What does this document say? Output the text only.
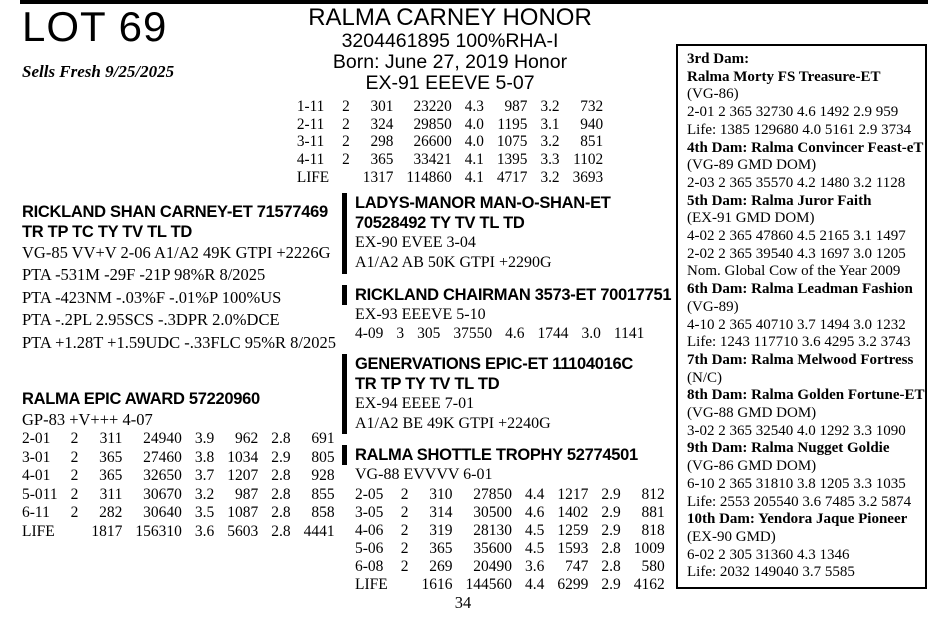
LOT 69
Sells Fresh 9/25/2025
RALMA CARNEY HONOR
3204461895 100%RHA-I
Born: June 27, 2019 Honor
EX-91 EEEVE 5-07
1-11	2	301	23220	4.3	987	3.2	732
2-11	2	324	29850	4.0	1195	3.1	940
3-11	2	298	26600	4.0	1075	3.2	851
4-11	2	365	33421	4.1	1395	3.3	1102
LIFE		1317	114860	4.1	4717	3.2	3693
RICKLAND SHAN CARNEY-ET 71577469
TR TP TC TY TV TL TD
VG-85 VV+V 2-06 A1/A2 49K GTPI +2226G
PTA -531M -29F -21P 98%R 8/2025
PTA -423NM -.03%F -.01%P 100%US
PTA -.2PL 2.95SCS -.3DPR 2.0%DCE
PTA +1.28T +1.59UDC -.33FLC 95%R 8/2025
RALMA EPIC AWARD 57220960
GP-83 +V+++ 4-07
2-01	2	311	24940	3.9	962	2.8	691
3-01	2	365	27460	3.8	1034	2.9	805
4-01	2	365	32650	3.7	1207	2.8	928
5-011	2	311	30670	3.2	987	2.8	855
6-11	2	282	30640	3.5	1087	2.8	858
LIFE		1817	156310	3.6	5603	2.8	4441
LADYS-MANOR MAN-O-SHAN-ET
70528492 TY TV TL TD
EX-90 EVEE 3-04
A1/A2 AB 50K GTPI +2290G
RICKLAND CHAIRMAN 3573-ET 70017751
EX-93 EEEVE 5-10
4-09	3	305	37550	4.6	1744	3.0	1141
GENERVATIONS EPIC-ET 11104016C
TR TP TY TV TL TD
EX-94 EEEE 7-01
A1/A2 BE 49K GTPI +2240G
RALMA SHOTTLE TROPHY 52774501
VG-88 EVVVV 6-01
2-05	2	310	27850	4.4	1217	2.9	812
3-05	2	314	30500	4.6	1402	2.9	881
4-06	2	319	28130	4.5	1259	2.9	818
5-06	2	365	35600	4.5	1593	2.8	1009
6-08	2	269	20490	3.6	747	2.8	580
LIFE		1616	144560	4.4	6299	2.9	4162
3rd Dam:
Ralma Morty FS Treasure-ET
(VG-86)
2-01 2 365 32730 4.6 1492 2.9 959
Life: 1385 129680 4.0 5161 2.9 3734
4th Dam: Ralma Convincer Feast-eT
(VG-89 GMD DOM)
2-03 2 365 35570 4.2 1480 3.2 1128
5th Dam: Ralma Juror Faith
(EX-91 GMD DOM)
4-02 2 365 47860 4.5 2165 3.1 1497
2-02 2 365 39540 4.3 1697 3.0 1205
Nom. Global Cow of the Year 2009
6th Dam: Ralma Leadman Fashion
(VG-89)
4-10 2 365 40710 3.7 1494 3.0 1232
Life: 1243 117710 3.6 4295 3.2 3743
7th Dam: Ralma Melwood Fortress
(N/C)
8th Dam: Ralma Golden Fortune-ET
(VG-88 GMD DOM)
3-02 2 365 32540 4.0 1292 3.3 1090
9th Dam: Ralma Nugget Goldie
(VG-86 GMD DOM)
6-10 2 365 31810 3.8 1205 3.3 1035
Life: 2553 205540 3.6 7485 3.2 5874
10th Dam: Yendora Jaque Pioneer
(EX-90 GMD)
6-02 2 305 31360 4.3 1346
Life: 2032 149040 3.7 5585
34
